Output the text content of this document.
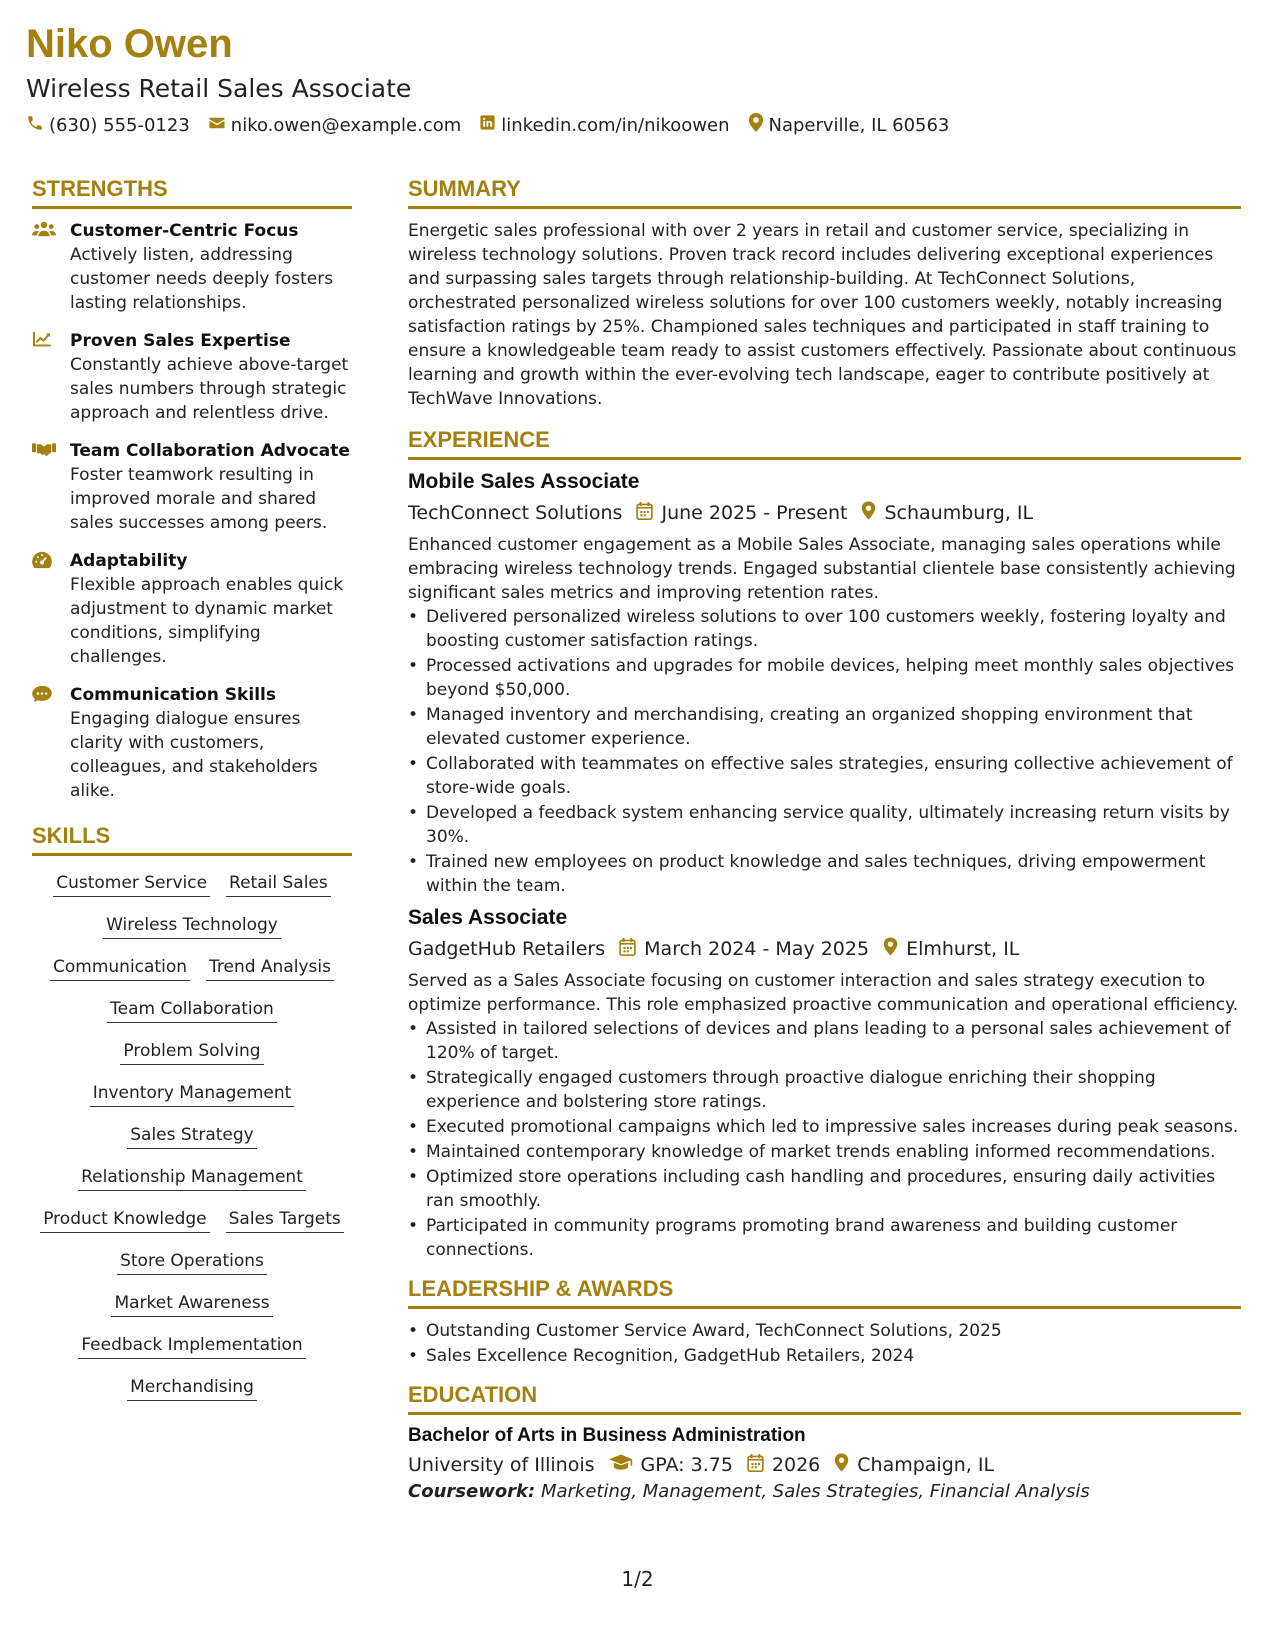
Niko Owen
Wireless Retail Sales Associate
(630) 555-0123 niko.owen@example.com linkedin.com/in/nikoowen Naperville, IL 60563
STRENGTHS
Customer-Centric Focus
Actively listen, addressing customer needs deeply fosters lasting relationships.
Proven Sales Expertise
Constantly achieve above-target sales numbers through strategic approach and relentless drive.
Team Collaboration Advocate
Foster teamwork resulting in improved morale and shared sales successes among peers.
Adaptability
Flexible approach enables quick adjustment to dynamic market conditions, simplifying challenges.
Communication Skills
Engaging dialogue ensures clarity with customers, colleagues, and stakeholders alike.
SKILLS
Customer Service Retail Sales
Wireless Technology
Communication Trend Analysis
Team Collaboration
Problem Solving
Inventory Management
Sales Strategy
Relationship Management
Product Knowledge Sales Targets
Store Operations
Market Awareness
Feedback Implementation
Merchandising
SUMMARY
Energetic sales professional with over 2 years in retail and customer service, specializing in wireless technology solutions. Proven track record includes delivering exceptional experiences and surpassing sales targets through relationship-building. At TechConnect Solutions, orchestrated personalized wireless solutions for over 100 customers weekly, notably increasing satisfaction ratings by 25%. Championed sales techniques and participated in staff training to ensure a knowledgeable team ready to assist customers effectively. Passionate about continuous learning and growth within the ever-evolving tech landscape, eager to contribute positively at TechWave Innovations.
EXPERIENCE
Mobile Sales Associate
TechConnect Solutions June 2025 - Present Schaumburg, IL
Enhanced customer engagement as a Mobile Sales Associate, managing sales operations while embracing wireless technology trends. Engaged substantial clientele base consistently achieving significant sales metrics and improving retention rates.
• Delivered personalized wireless solutions to over 100 customers weekly, fostering loyalty and boosting customer satisfaction ratings.
• Processed activations and upgrades for mobile devices, helping meet monthly sales objectives beyond $50,000.
• Managed inventory and merchandising, creating an organized shopping environment that elevated customer experience.
• Collaborated with teammates on effective sales strategies, ensuring collective achievement of store-wide goals.
• Developed a feedback system enhancing service quality, ultimately increasing return visits by 30%.
• Trained new employees on product knowledge and sales techniques, driving empowerment within the team.
Sales Associate
GadgetHub Retailers March 2024 - May 2025 Elmhurst, IL
Served as a Sales Associate focusing on customer interaction and sales strategy execution to optimize performance. This role emphasized proactive communication and operational efficiency.
• Assisted in tailored selections of devices and plans leading to a personal sales achievement of 120% of target.
• Strategically engaged customers through proactive dialogue enriching their shopping experience and bolstering store ratings.
• Executed promotional campaigns which led to impressive sales increases during peak seasons.
• Maintained contemporary knowledge of market trends enabling informed recommendations.
• Optimized store operations including cash handling and procedures, ensuring daily activities ran smoothly.
• Participated in community programs promoting brand awareness and building customer connections.
LEADERSHIP & AWARDS
• Outstanding Customer Service Award, TechConnect Solutions, 2025
• Sales Excellence Recognition, GadgetHub Retailers, 2024
EDUCATION
Bachelor of Arts in Business Administration
University of Illinois GPA: 3.75 2026 Champaign, IL
Coursework: Marketing, Management, Sales Strategies, Financial Analysis
1/2
